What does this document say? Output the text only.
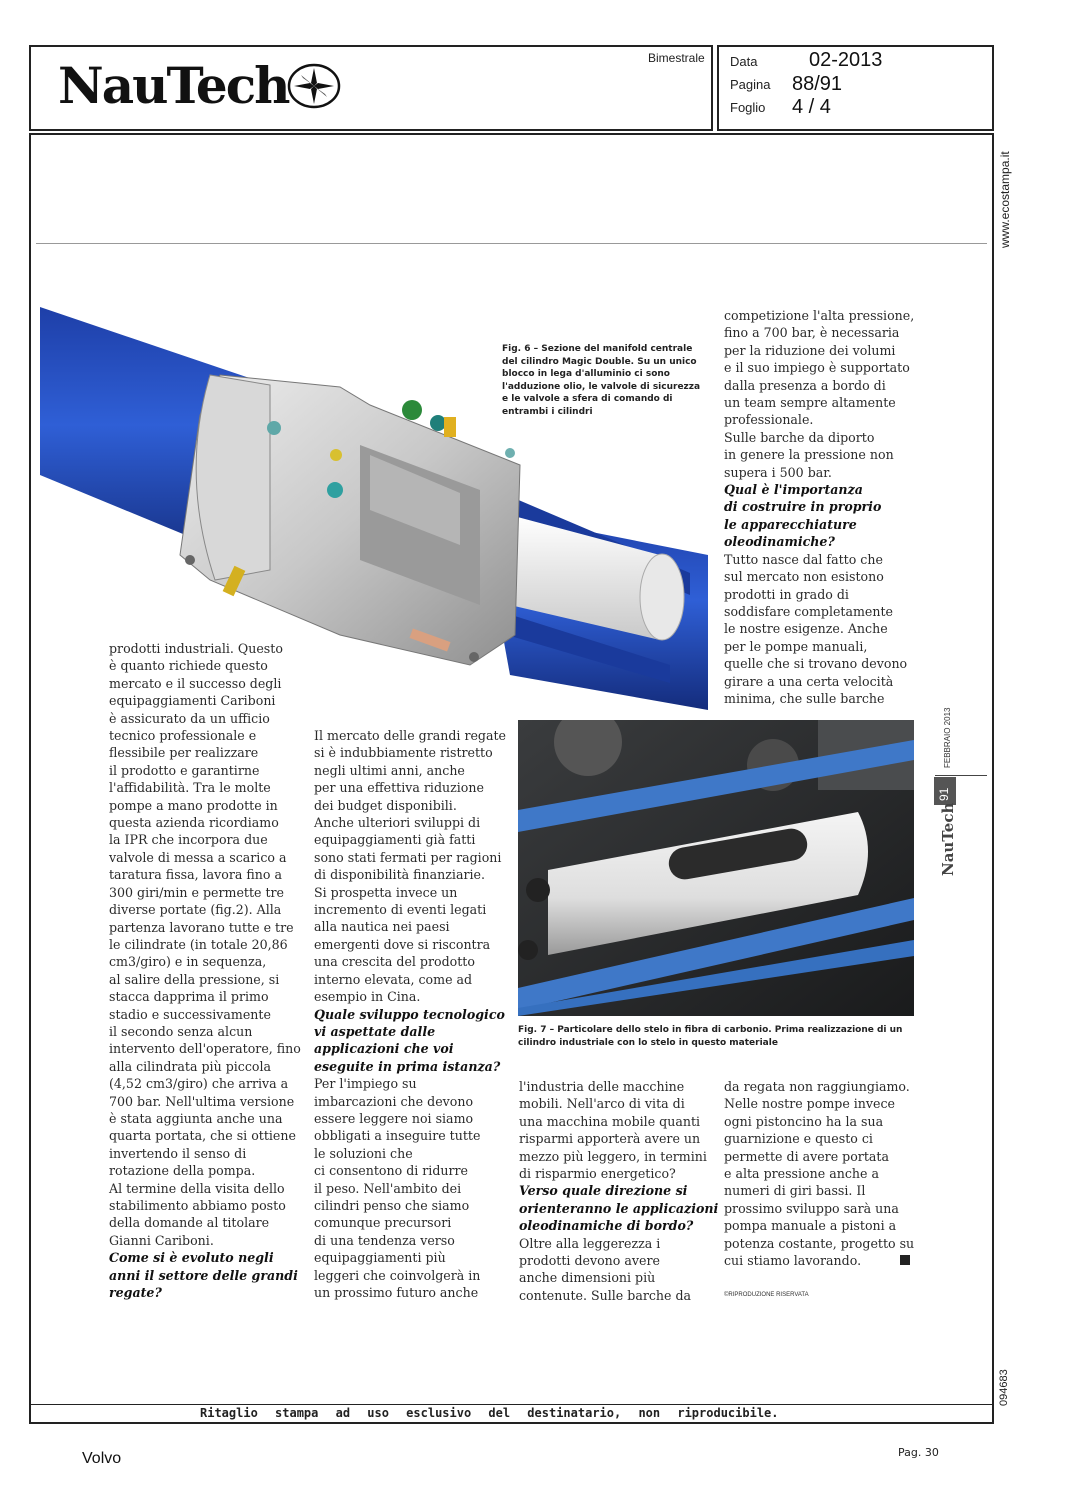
NauTech	Bimestrale Data	02-2013
Pagina 88/91
Foglio 4 / 4
www.ecostampa.it
094683
Fig. 6 – Sezione del manifold centrale del cilindro Magic Double. Su un unico blocco in lega d'alluminio ci sono l'adduzione olio, le valvole di sicurezza e le valvole a sfera di comando di entrambi i cilindri
Fig. 7 – Particolare dello stelo in fibra di carbonio. Prima realizzazione di un cilindro industriale con lo stelo in questo materiale
prodotti industriali. Questo
è quanto richiede questo
mercato e il successo degli
equipaggiamenti Cariboni
è assicurato da un ufficio
tecnico professionale e
flessibile per realizzare
il prodotto e garantirne
l'affidabilità. Tra le molte
pompe a mano prodotte in
questa azienda ricordiamo
la IPR che incorpora due
valvole di messa a scarico a
taratura fissa, lavora fino a
300 giri/min e permette tre
diverse portate (fig.2). Alla
partenza lavorano tutte e tre
le cilindrate (in totale 20,86
cm3/giro) e in sequenza,
al salire della pressione, si
stacca dapprima il primo
stadio e successivamente
il secondo senza alcun
intervento dell'operatore, fino
alla cilindrata più piccola
(4,52 cm3/giro) che arriva a
700 bar. Nell'ultima versione
è stata aggiunta anche una
quarta portata, che si ottiene
invertendo il senso di
rotazione della pompa.
Al termine della visita dello
stabilimento abbiamo posto
della domande al titolare
Gianni Cariboni.
Come si è evoluto negli
anni il settore delle grandi
regate?
Il mercato delle grandi regate
si è indubbiamente ristretto
negli ultimi anni, anche
per una effettiva riduzione
dei budget disponibili.
Anche ulteriori sviluppi di
equipaggiamenti già fatti
sono stati fermati per ragioni
di disponibilità finanziarie.
Si prospetta invece un
incremento di eventi legati
alla nautica nei paesi
emergenti dove si riscontra
una crescita del prodotto
interno elevata, come ad
esempio in Cina.
Quale sviluppo tecnologico
vi aspettate dalle
applicazioni che voi
eseguite in prima istanza?
Per l'impiego su
imbarcazioni che devono
essere leggere noi siamo
obbligati a inseguire tutte
le soluzioni che
ci consentono di ridurre
il peso. Nell'ambito dei
cilindri penso che siamo
comunque precursori
di una tendenza verso
equipaggiamenti più
leggeri che coinvolgerà in
un prossimo futuro anche
l'industria delle macchine
mobili. Nell'arco di vita di
una macchina mobile quanti
risparmi apporterà avere un
mezzo più leggero, in termini
di risparmio energetico?
Verso quale direzione si
orienteranno le applicazioni
oleodinamiche di bordo?
Oltre alla leggerezza i
prodotti devono avere
anche dimensioni più
contenute. Sulle barche da
competizione l'alta pressione,
fino a 700 bar, è necessaria
per la riduzione dei volumi
e il suo impiego è supportato
dalla presenza a bordo di
un team sempre altamente
professionale.
Sulle barche da diporto
in genere la pressione non
supera i 500 bar.
Qual è l'importanza
di costruire in proprio
le apparecchiature
oleodinamiche?
Tutto nasce dal fatto che
sul mercato non esistono
prodotti in grado di
soddisfare completamente
le nostre esigenze. Anche
per le pompe manuali,
quelle che si trovano devono
girare a una certa velocità
minima, che sulle barche
da regata non raggiungiamo.
Nelle nostre pompe invece
ogni pistoncino ha la sua
guarnizione e questo ci
permette di avere portata
e alta pressione anche a
numeri di giri bassi. Il
prossimo sviluppo sarà una
pompa manuale a pistoni a
potenza costante, progetto su
cui stiamo lavorando.
©RIPRODUZIONE RISERVATA
FEBBRAIO 2013
91
NauTech
Ritaglio stampa ad uso esclusivo del destinatario, non riproducibile.
Volvo	Pag. 30
